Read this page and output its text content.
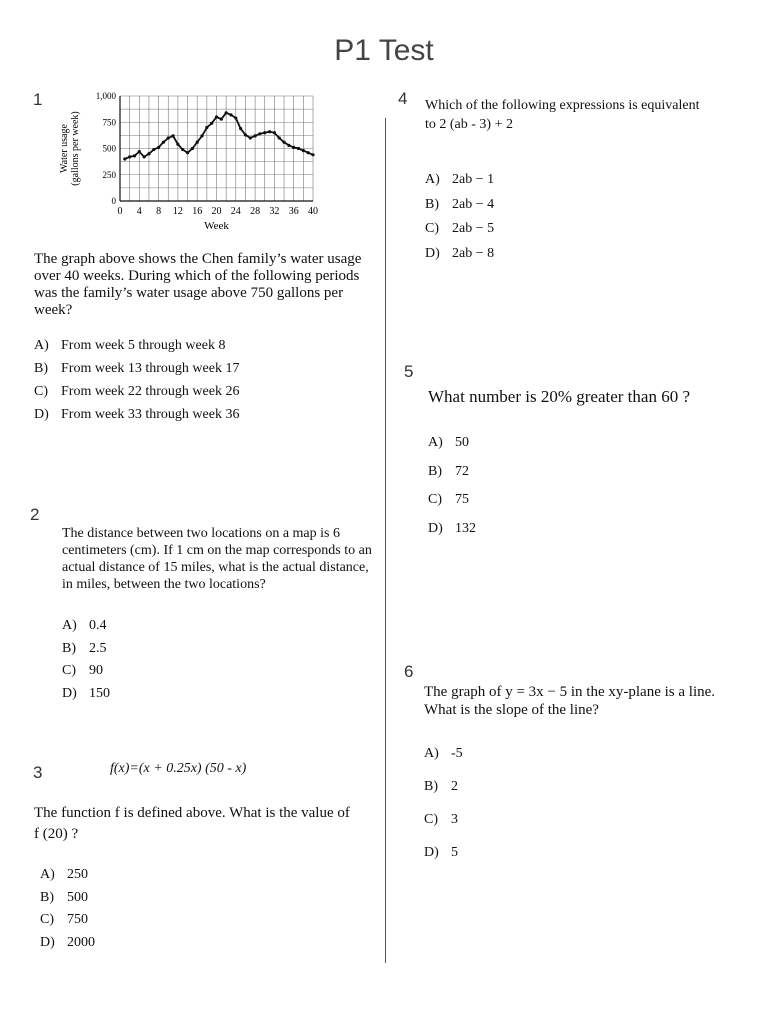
P1 Test
1
0 4 8 12 16 20 24 28 32 36 40
0
250
500
750
1,000
Week
Water usage (gallons per week)

The graph above shows the Chen family’s water usage over 40 weeks. During which of the following periods was the family’s water usage above 750 gallons per week?

A) From week 5 through week 8
B) From week 13 through week 17
C) From week 22 through week 26
D) From week 33 through week 36
2

The distance between two locations on a map is 6 centimeters (cm). If 1 cm on the map corresponds to an actual distance of 15 miles, what is the actual distance, in miles, between the two locations?

A) 0.4
B) 2.5
C) 90
D) 150
3	f(x)=(x + 0.25x) (50 - x)

The function f is defined above. What is the value of

f (20) ?

A) 250
B) 500
C) 750
D) 2000
4 Which of the following expressions is equivalent

to 2 (ab - 3) + 2

A) 2ab − 1
B) 2ab − 4
C) 2ab − 5
D) 2ab − 8
5

What number is 20% greater than 60 ?

A) 50
B) 72
C) 75
D) 132
6

The graph of y = 3x − 5 in the xy-plane is a line.

What is the slope of the line?

A) -5
B) 2
C) 3
D) 5
